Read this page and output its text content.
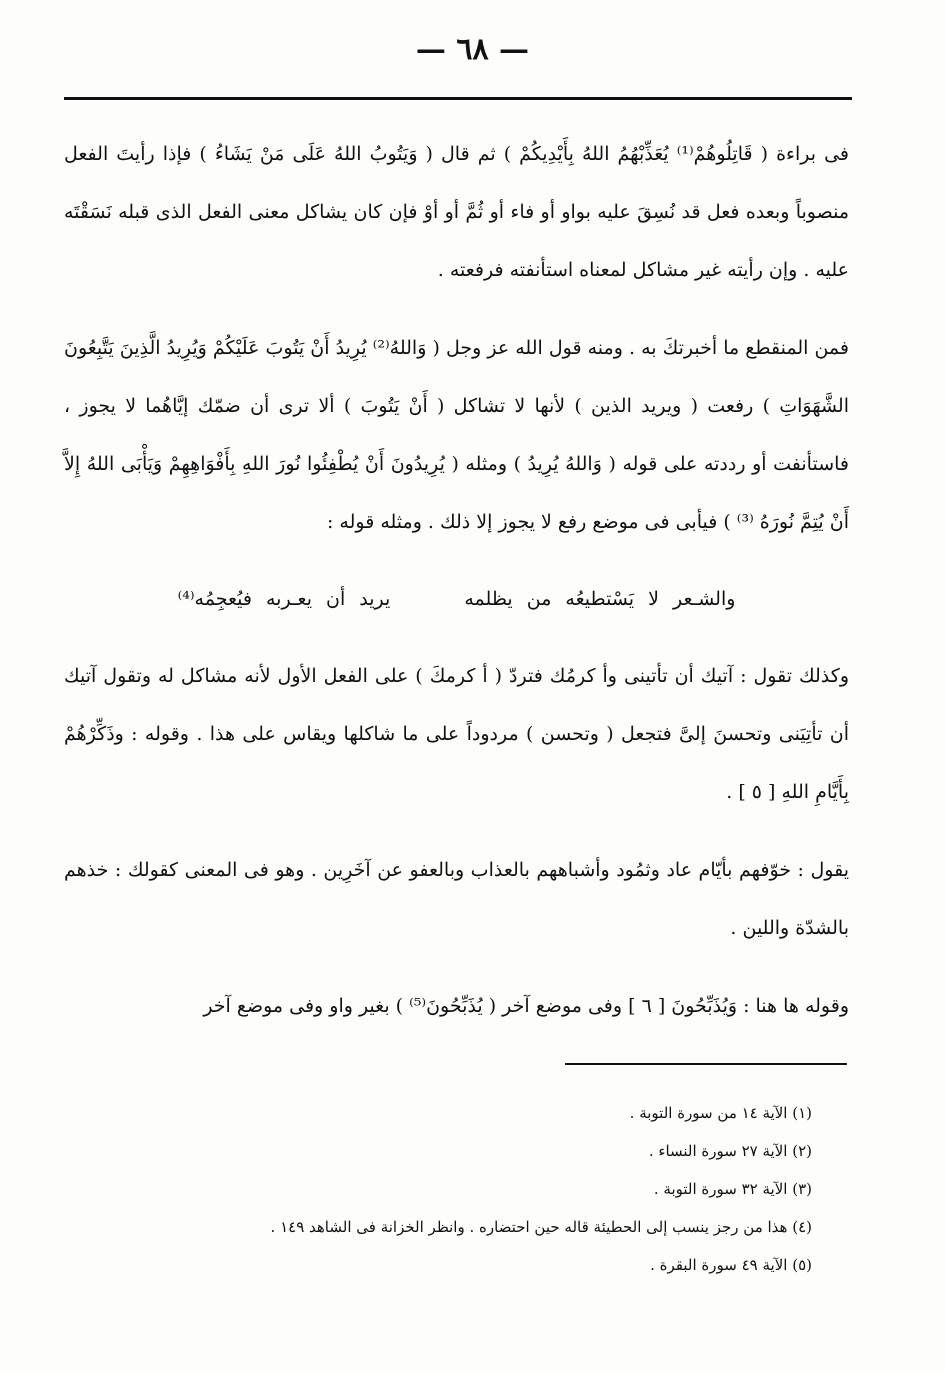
— ٦٨ —

فى براءة ( قَاتِلُوهُمْ⁽¹⁾ يُعَذِّبْهُمُ اللهُ بِأَيْدِيكُمْ ) ثم قال ( وَيَتُوبُ اللهُ عَلَى مَنْ يَشَاءُ ) فإذا رأيتَ الفعل منصوباً وبعده فعل قد نُسِقَ عليه بواو أو فاء أو ثُمَّ أو أوْ فإن كان يشاكل معنى الفعل الذى قبله نَسَقْتَه عليه . وإن رأيته غير مشاكل لمعناه استأنفته فرفعته .

فمن المنقطع ما أخبرتكَ به . ومنه قول الله عز وجل ( وَاللهُ⁽²⁾ يُرِيدُ أَنْ يَتُوبَ عَلَيْكُمْ وَيُرِيدُ الَّذِينَ يَتَّبِعُونَ الشَّهَوَاتِ ) رفعت ( ويريد الذين ) لأنها لا تشاكل ( أَنْ يَتُوبَ ) ألا ترى أن ضمّك إيَّاهُما لا يجوز ، فاستأنفت أو رددته على قوله ( وَاللهُ يُرِيدُ ) ومثله ( يُرِيدُونَ أَنْ يُطْفِئُوا نُورَ اللهِ بِأَفْوَاهِهِمْ وَيَأْبَى اللهُ إِلاَّ أَنْ يُتِمَّ نُورَهُ ⁽³⁾ ) فيأبى فى موضع رفع لا يجوز إلا ذلك . ومثله قوله :

والشـعر لا يَسْتطيعُه من يظلمه يريد أن يعـربه فيُعجِمُه⁽⁴⁾

وكذلك تقول : آتيك أن تأتينى وأ كرمُك فتردّ ( أ كرمكَ ) على الفعل الأول لأنه مشاكل له وتقول آتيك أن تأتِيَنى وتحسنَ إلىَّ فتجعل ( وتحسن ) مردوداً على ما شاكلها ويقاس على هذا . وقوله : وذَكِّرْهُمْ بِأَيَّامِ اللهِ [ ٥ ] .

يقول : خوّفهم بأيّام عاد وثمُود وأشباههم بالعذاب وبالعفو عن آخَرِين . وهو فى المعنى كقولك : خذهم بالشدّة واللين .

وقوله ها هنا : وَيُذَبِّحُونَ [ ٦ ] وفى موضع آخر ( يُذَبِّحُونَ⁽⁵⁾ ) بغير واو وفى موضع آخر

(١) الآية ١٤ من سورة التوبة .
(٢) الآية ٢٧ سورة النساء .
(٣) الآية ٣٢ سورة التوبة .
(٤) هذا من رجز ينسب إلى الحطيئة قاله حين احتضاره . وانظر الخزانة فى الشاهد ١٤٩ .
(٥) الآية ٤٩ سورة البقرة .
